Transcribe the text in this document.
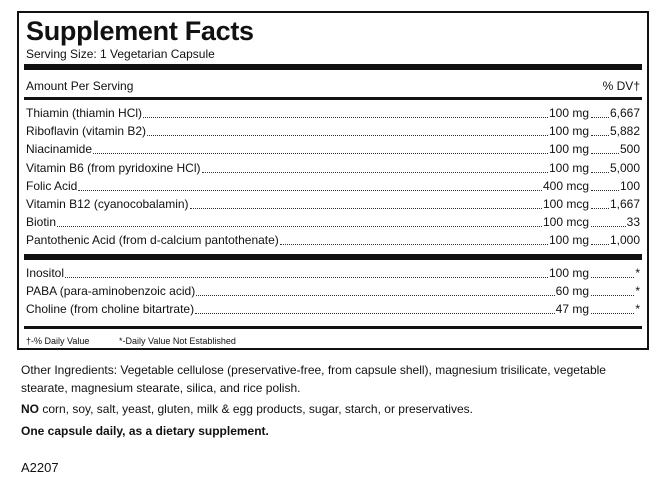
Supplement Facts
Serving Size: 1 Vegetarian Capsule
Amount Per Serving	% DV†
Thiamin (thiamin HCl)	100 mg 6,667
Riboflavin (vitamin B2)	100 mg 5,882
Niacinamide	100 mg	500
Vitamin B6 (from pyridoxine HCl)	100 mg 5,000
Folic Acid	400 mcg	100
Vitamin B12 (cyanocobalamin)	100 mcg 1,667
Biotin	100 mcg	33
Pantothenic Acid (from d-calcium pantothenate)	100 mg 1,000
Inositol	100 mg	*
PABA (para-aminobenzoic acid)	60 mg	*
Choline (from choline bitartrate)	47 mg	*
†-% Daily Value	*-Daily Value Not Established
Other Ingredients: Vegetable cellulose (preservative-free, from capsule shell), magnesium trisilicate, vegetable stearate, magnesium stearate, silica, and rice polish.
NO corn, soy, salt, yeast, gluten, milk & egg products, sugar, starch, or preservatives.
One capsule daily, as a dietary supplement.
A2207
